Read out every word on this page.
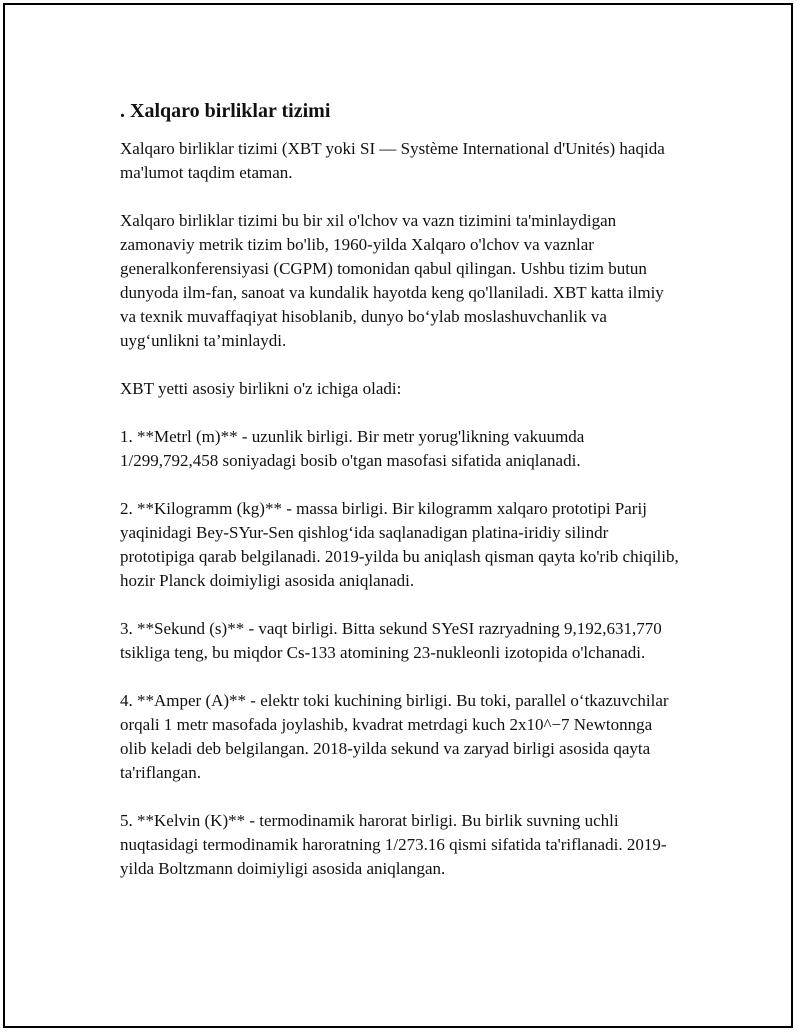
. Xalqaro birliklar tizimi

Xalqaro birliklar tizimi (XBT yoki SI — Système International d'Unités) haqida ma'lumot taqdim etaman.

Xalqaro birliklar tizimi bu bir xil o'lchov va vazn tizimini ta'minlaydigan zamonaviy metrik tizim bo'lib, 1960-yilda Xalqaro o'lchov va vaznlar generalkonferensiyasi (CGPM) tomonidan qabul qilingan. Ushbu tizim butun dunyoda ilm-fan, sanoat va kundalik hayotda keng qo'llaniladi. XBT katta ilmiy va texnik muvaffaqiyat hisoblanib, dunyo bo‘ylab moslashuvchanlik va uyg‘unlikni ta’minlaydi.

XBT yetti asosiy birlikni o'z ichiga oladi:

1. **Metrl (m)** - uzunlik birligi. Bir metr yorug'likning vakuumda 1/299,792,458 soniyadagi bosib o'tgan masofasi sifatida aniqlanadi.

2. **Kilogramm (kg)** - massa birligi. Bir kilogramm xalqaro prototipi Parij yaqinidagi Bey-SYur-Sen qishlog‘ida saqlanadigan platina-iridiy silindr prototipiga qarab belgilanadi. 2019-yilda bu aniqlash qisman qayta ko'rib chiqilib, hozir Planck doimiyligi asosida aniqlanadi.

3. **Sekund (s)** - vaqt birligi. Bitta sekund SYeSI razryadning 9,192,631,770 tsikliga teng, bu miqdor Cs-133 atomining 23-nukleonli izotopida o'lchanadi.

4. **Amper (A)** - elektr toki kuchining birligi. Bu toki, parallel o‘tkazuvchilar orqali 1 metr masofada joylashib, kvadrat metrdagi kuch 2x10^−7 Newtonnga olib keladi deb belgilangan. 2018-yilda sekund va zaryad birligi asosida qayta ta'riflangan.

5. **Kelvin (K)** - termodinamik harorat birligi. Bu birlik suvning uchli nuqtasidagi termodinamik haroratning 1/273.16 qismi sifatida ta'riflanadi. 2019-yilda Boltzmann doimiyligi asosida aniqlangan.
